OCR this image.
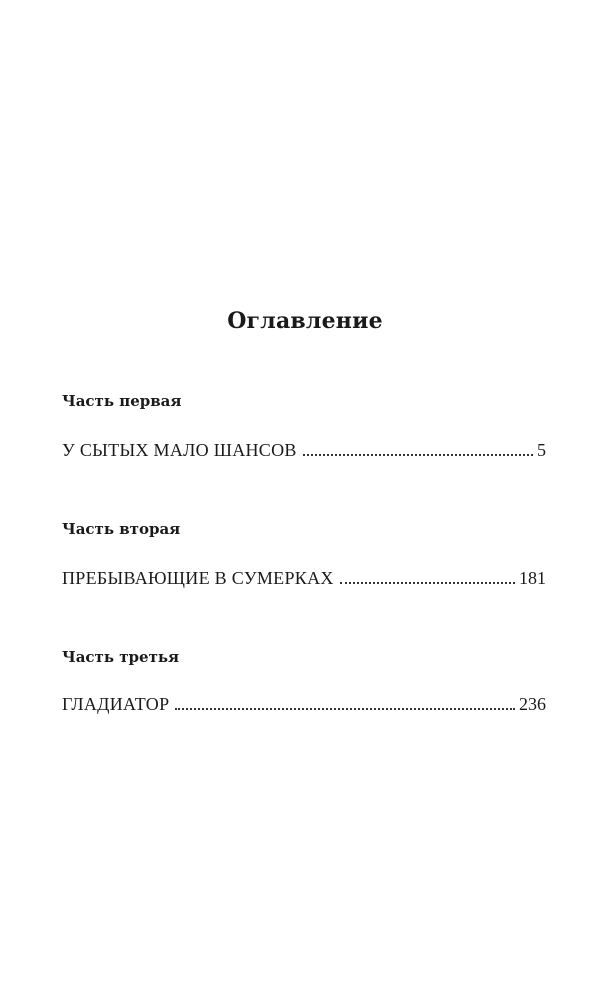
Оглавление

Часть первая

У СЫТЫХ МАЛО ШАНСОВ	5

Часть вторая

ПРЕБЫВАЮЩИЕ В СУМЕРКАХ	181

Часть третья

ГЛАДИАТОР	236
